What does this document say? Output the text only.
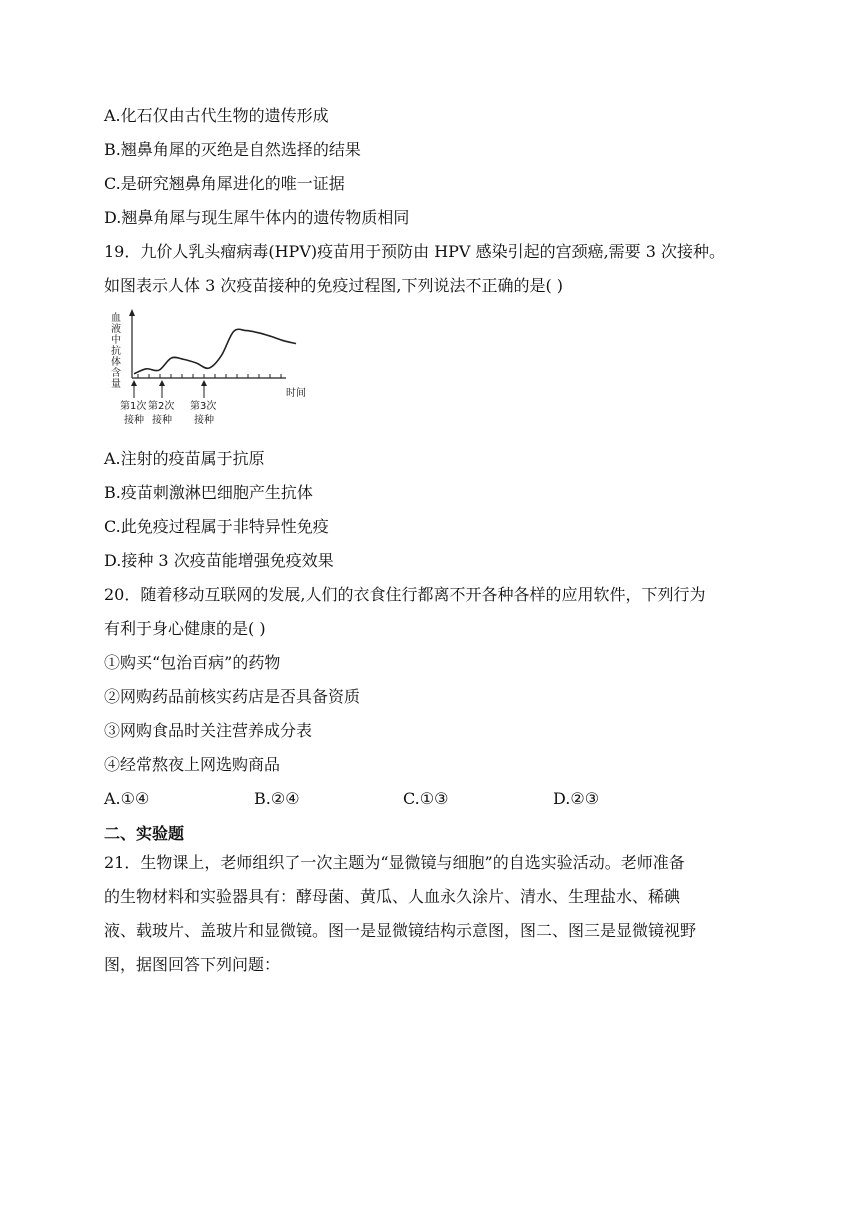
A.化石仅由古代生物的遗传形成
B.翘鼻角犀的灭绝是自然选择的结果
C.是研究翘鼻角犀进化的唯一证据
D.翘鼻角犀与现生犀牛体内的遗传物质相同
19．九价人乳头瘤病毒(HPV)疫苗用于预防由 HPV 感染引起的宫颈癌,需要 3 次接种。
如图表示人体 3 次疫苗接种的免疫过程图,下列说法不正确的是( )
血液中抗体含量
时间
第1次
接种
第2次
接种
第3次
接种
A.注射的疫苗属于抗原
B.疫苗刺激淋巴细胞产生抗体
C.此免疫过程属于非特异性免疫
D.接种 3 次疫苗能增强免疫效果
20．随着移动互联网的发展,人们的衣食住行都离不开各种各样的应用软件，下列行为
有利于身心健康的是( )
①购买“包治百病”的药物
②网购药品前核实药店是否具备资质
③网购食品时关注营养成分表
④经常熬夜上网选购商品
A.①④	B.②④	C.①③	D.②③
二、实验题
21．生物课上，老师组织了一次主题为“显微镜与细胞”的自选实验活动。老师准备
的生物材料和实验器具有：酵母菌、黄瓜、人血永久涂片、清水、生理盐水、稀碘
液、载玻片、盖玻片和显微镜。图一是显微镜结构示意图，图二、图三是显微镜视野
图，据图回答下列问题：
